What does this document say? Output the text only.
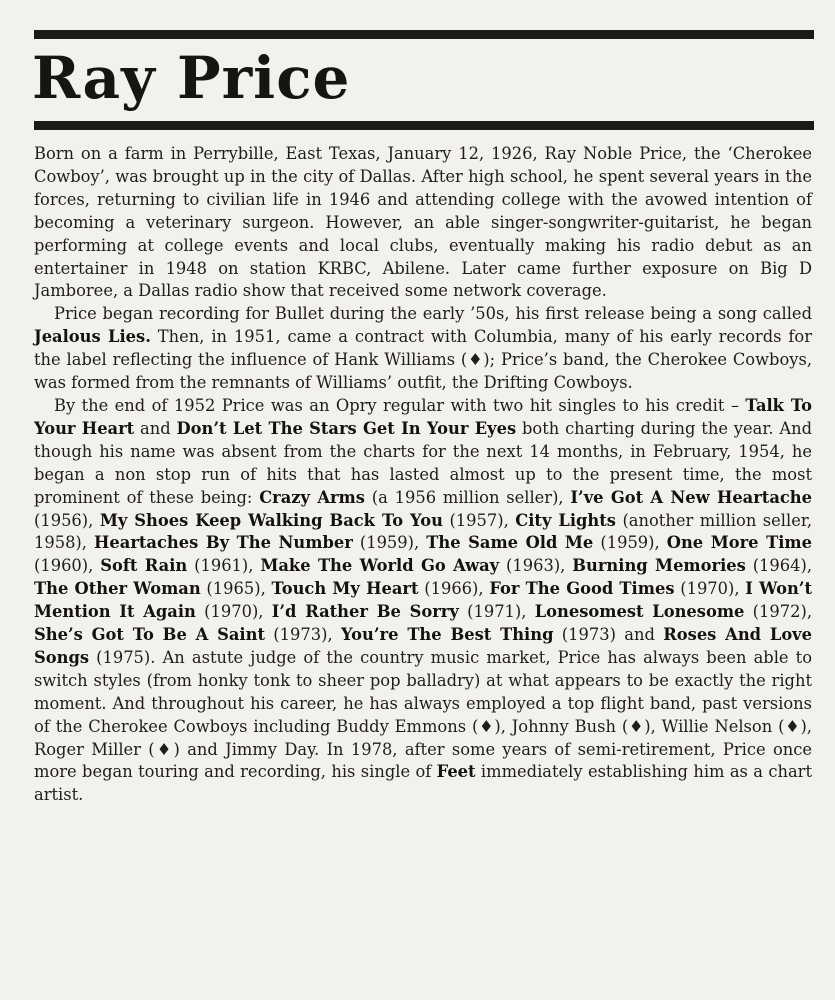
Ray Price

Born on a farm in Perrybille, East Texas, January 12, 1926, Ray Noble Price, the ‘Cherokee Cowboy’, was brought up in the city of Dallas. After high school, he spent several years in the forces, returning to civilian life in 1946 and attending college with the avowed intention of becoming a veterinary surgeon. However, an able singer-songwriter-guitarist, he began performing at college events and local clubs, eventually making his radio debut as an entertainer in 1948 on station KRBC, Abilene. Later came further exposure on Big D Jamboree, a Dallas radio show that received some network coverage.

Price began recording for Bullet during the early ’50s, his first release being a song called Jealous Lies. Then, in 1951, came a contract with Columbia, many of his early records for the label reflecting the influence of Hank Williams (♦); Price’s band, the Cherokee Cowboys, was formed from the remnants of Williams’ outfit, the Drifting Cowboys.

By the end of 1952 Price was an Opry regular with two hit singles to his credit – Talk To Your Heart and Don’t Let The Stars Get In Your Eyes both charting during the year. And though his name was absent from the charts for the next 14 months, in February, 1954, he began a non stop run of hits that has lasted almost up to the present time, the most prominent of these being: Crazy Arms (a 1956 million seller), I’ve Got A New Heartache (1956), My Shoes Keep Walking Back To You (1957), City Lights (another million seller, 1958), Heartaches By The Number (1959), The Same Old Me (1959), One More Time (1960), Soft Rain (1961), Make The World Go Away (1963), Burning Memories (1964), The Other Woman (1965), Touch My Heart (1966), For The Good Times (1970), I Won’t Mention It Again (1970), I’d Rather Be Sorry (1971), Lonesomest Lonesome (1972), She’s Got To Be A Saint (1973), You’re The Best Thing (1973) and Roses And Love Songs (1975). An astute judge of the country music market, Price has always been able to switch styles (from honky tonk to sheer pop balladry) at what appears to be exactly the right moment. And throughout his career, he has always employed a top flight band, past versions of the Cherokee Cowboys including Buddy Emmons (♦), Johnny Bush (♦), Willie Nelson (♦), Roger Miller (♦) and Jimmy Day. In 1978, after some years of semi-retirement, Price once more began touring and recording, his single of Feet immediately establishing him as a chart artist.
